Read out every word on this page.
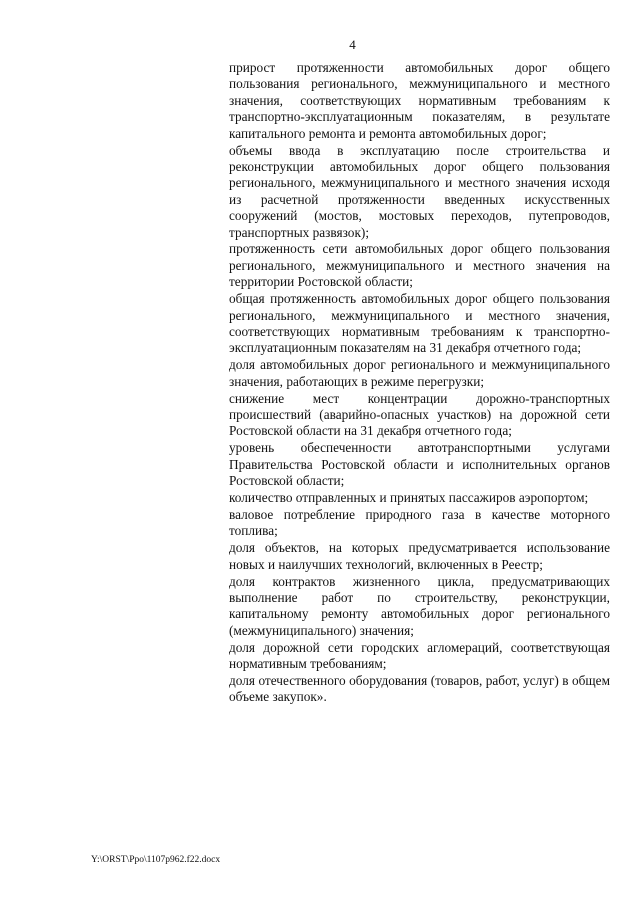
4

прирост протяженности автомобильных дорог общего пользования регионального, межмуниципального и местного значения, соответствующих нормативным требованиям к транспортно-эксплуатационным показателям, в результате капитального ремонта и ремонта автомобильных дорог;

объемы ввода в эксплуатацию после строительства и реконструкции автомобильных дорог общего пользования регионального, межмуниципального и местного значения исходя из расчетной протяженности введенных искусственных сооружений (мостов, мостовых переходов, путепроводов, транспортных развязок);

протяженность сети автомобильных дорог общего пользования регионального, межмуниципального и местного значения на территории Ростовской области;

общая протяженность автомобильных дорог общего пользования регионального, межмуниципального и местного значения, соответствующих нормативным требованиям к транспортно-эксплуатационным показателям на 31 декабря отчетного года;

доля автомобильных дорог регионального и межмуниципального значения, работающих в режиме перегрузки;

снижение мест концентрации дорожно-транспортных происшествий (аварийно-опасных участков) на дорожной сети Ростовской области на 31 декабря отчетного года;

уровень обеспеченности автотранспортными услугами Правительства Ростовской области и исполнительных органов Ростовской области;

количество отправленных и принятых пассажиров аэропортом;

валовое потребление природного газа в качестве моторного топлива;

доля объектов, на которых предусматривается использование новых и наилучших технологий, включенных в Реестр;

доля контрактов жизненного цикла, предусматривающих выполнение работ по строительству, реконструкции, капитальному ремонту автомобильных дорог регионального (межмуниципального) значения;

доля дорожной сети городских агломераций, соответствующая нормативным требованиям;

доля отечественного оборудования (товаров, работ, услуг) в общем объеме закупок».

Y:\ORST\Ppo\1107p962.f22.docx
